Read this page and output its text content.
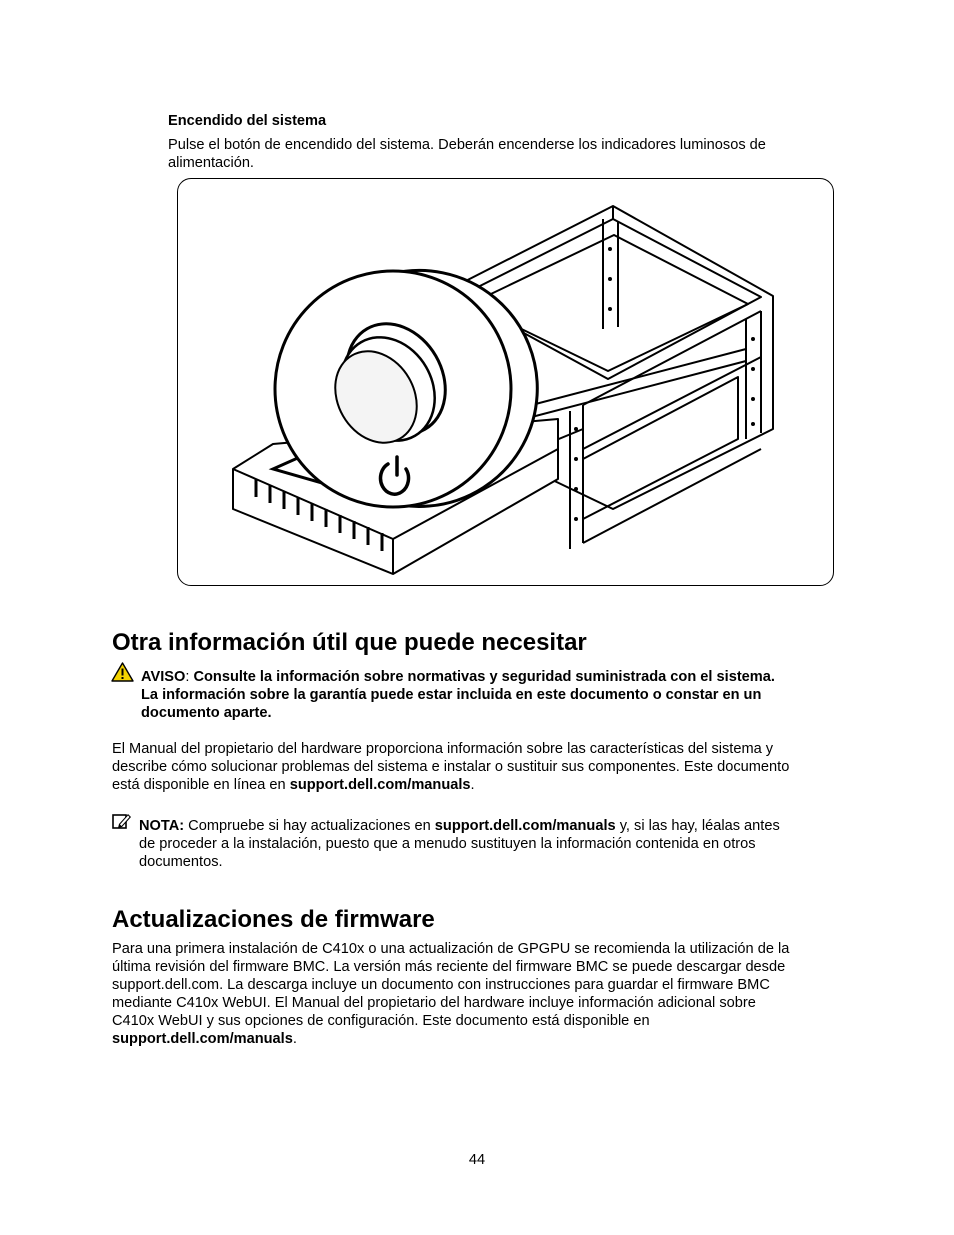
Encendido del sistema

Pulse el botón de encendido del sistema. Deberán encenderse los indicadores luminosos de

alimentación.

Otra información útil que puede necesitar

AVISO: Consulte la información sobre normativas y seguridad suministrada con el sistema.

La información sobre la garantía puede estar incluida en este documento o constar en un

documento aparte.

El Manual del propietario del hardware proporciona información sobre las características del sistema y

describe cómo solucionar problemas del sistema e instalar o sustituir sus componentes. Este documento

está disponible en línea en support.dell.com/manuals.

NOTA: Compruebe si hay actualizaciones en support.dell.com/manuals y, si las hay, léalas antes

de proceder a la instalación, puesto que a menudo sustituyen la información contenida en otros

documentos.

Actualizaciones de firmware

Para una primera instalación de C410x o una actualización de GPGPU se recomienda la utilización de la

última revisión del firmware BMC. La versión más reciente del firmware BMC se puede descargar desde

support.dell.com. La descarga incluye un documento con instrucciones para guardar el firmware BMC

mediante C410x WebUI. El Manual del propietario del hardware incluye información adicional sobre

C410x WebUI y sus opciones de configuración. Este documento está disponible en

support.dell.com/manuals.

44
